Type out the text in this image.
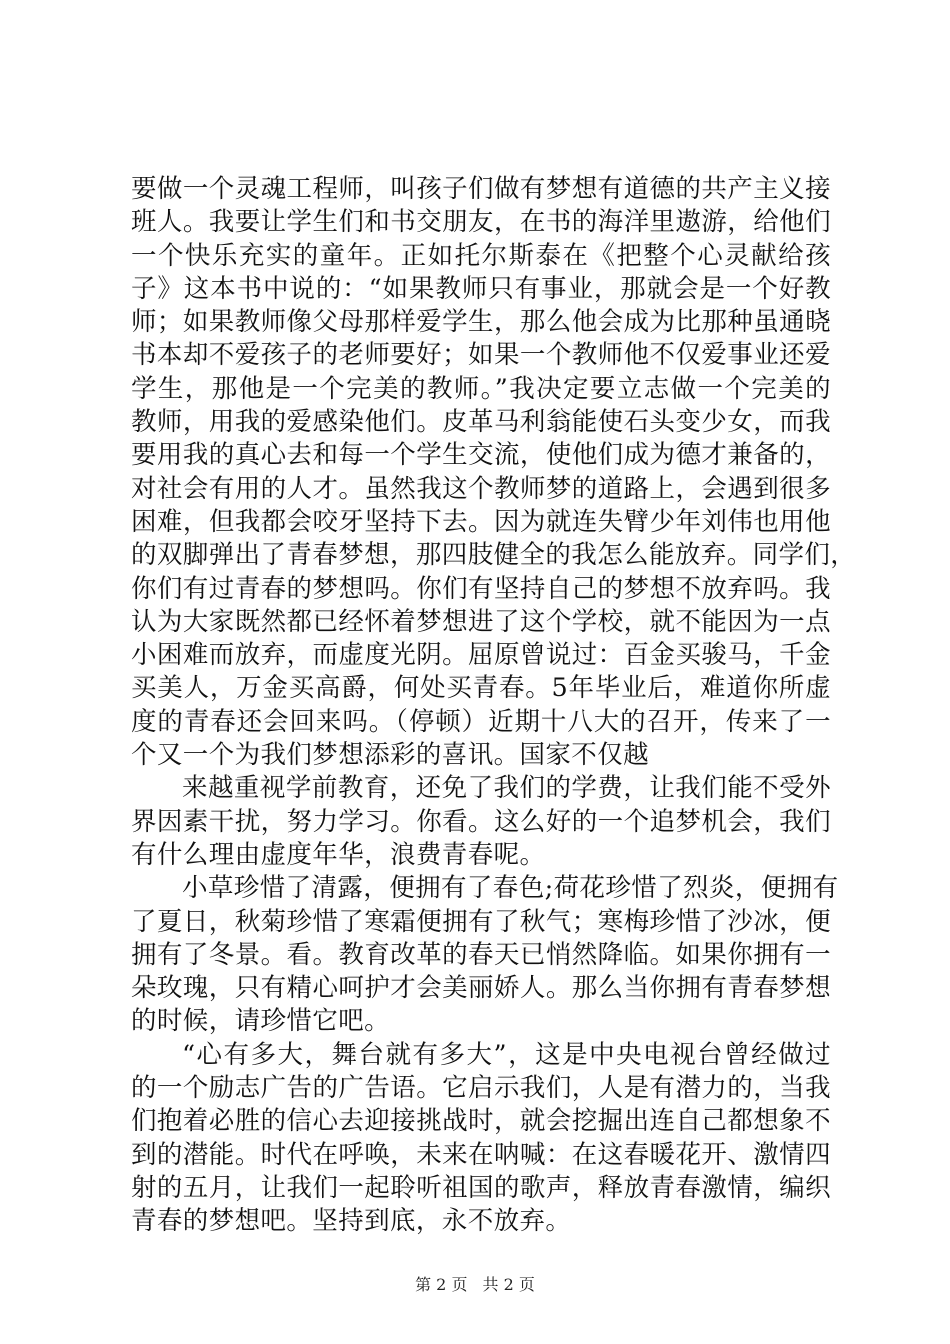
要做一个灵魂工程师，叫孩子们做有梦想有道德的共产主义接
班人。我要让学生们和书交朋友，在书的海洋里遨游，给他们
一个快乐充实的童年。正如托尔斯泰在《把整个心灵献给孩
子》这本书中说的：“如果教师只有事业，那就会是一个好教
师；如果教师像父母那样爱学生，那么他会成为比那种虽通晓
书本却不爱孩子的老师要好；如果一个教师他不仅爱事业还爱
学生，那他是一个完美的教师。”我决定要立志做一个完美的
教师，用我的爱感染他们。皮革马利翁能使石头变少女，而我
要用我的真心去和每一个学生交流，使他们成为德才兼备的，
对社会有用的人才。虽然我这个教师梦的道路上，会遇到很多
困难，但我都会咬牙坚持下去。因为就连失臂少年刘伟也用他
的双脚弹出了青春梦想，那四肢健全的我怎么能放弃。同学们，
你们有过青春的梦想吗。你们有坚持自己的梦想不放弃吗。我
认为大家既然都已经怀着梦想进了这个学校，就不能因为一点
小困难而放弃，而虚度光阴。屈原曾说过：百金买骏马，千金
买美人，万金买高爵，何处买青春。5年毕业后，难道你所虚
度的青春还会回来吗。（停顿）近期十八大的召开，传来了一
个又一个为我们梦想添彩的喜讯。国家不仅越
来越重视学前教育，还免了我们的学费，让我们能不受外
界因素干扰，努力学习。你看。这么好的一个追梦机会，我们
有什么理由虚度年华，浪费青春呢。
小草珍惜了清露，便拥有了春色;荷花珍惜了烈炎，便拥有
了夏日，秋菊珍惜了寒霜便拥有了秋气；寒梅珍惜了沙冰，便
拥有了冬景。看。教育改革的春天已悄然降临。如果你拥有一
朵玫瑰，只有精心呵护才会美丽娇人。那么当你拥有青春梦想
的时候，请珍惜它吧。
“心有多大，舞台就有多大”，这是中央电视台曾经做过
的一个励志广告的广告语。它启示我们，人是有潜力的，当我
们抱着必胜的信心去迎接挑战时，就会挖掘出连自己都想象不
到的潜能。时代在呼唤，未来在呐喊：在这春暖花开、激情四
射的五月，让我们一起聆听祖国的歌声，释放青春激情，编织
青春的梦想吧。坚持到底，永不放弃。
第 2 页 共 2 页
